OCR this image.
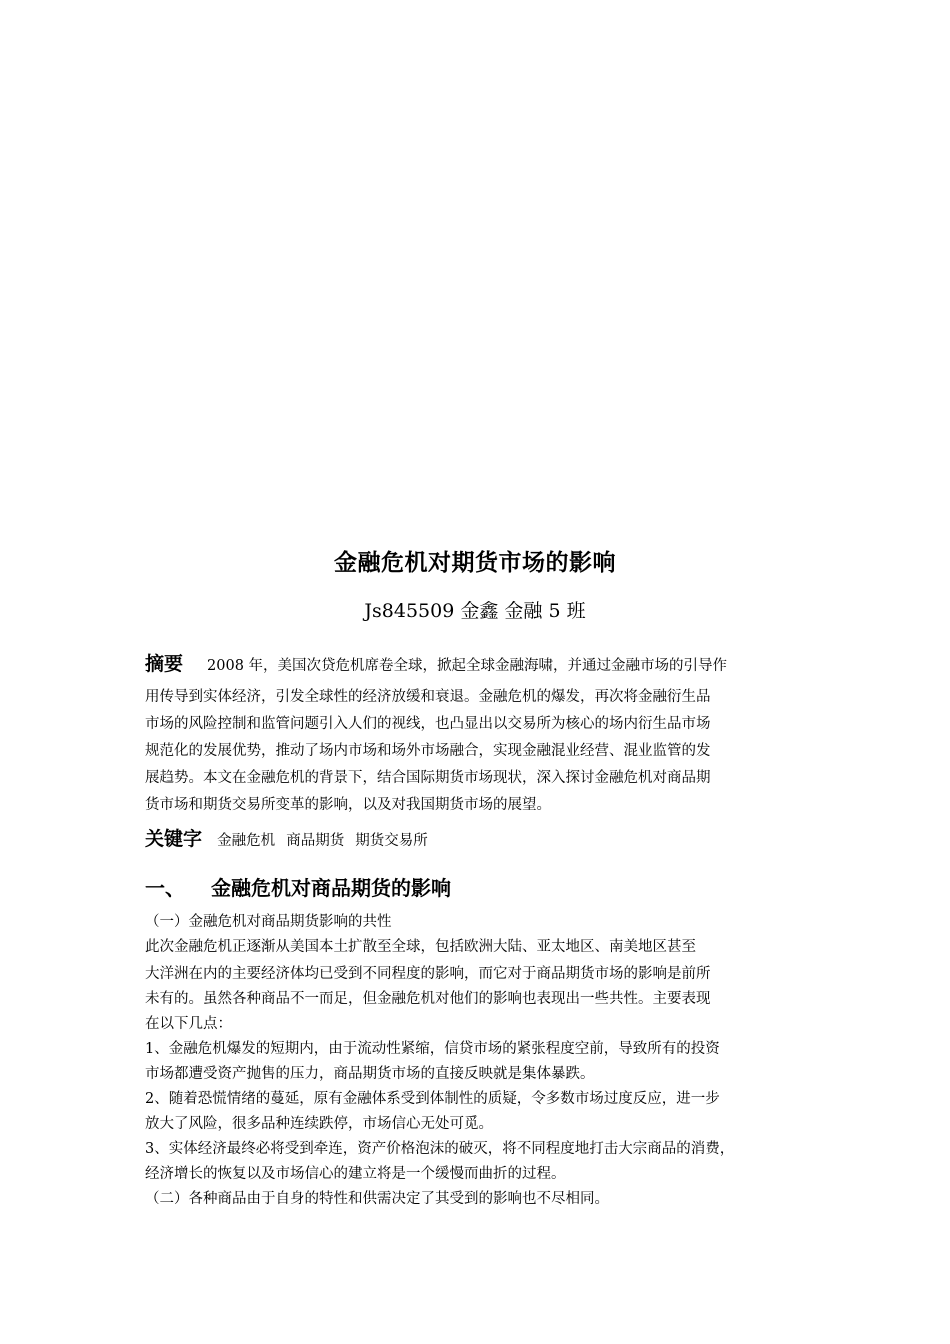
金融危机对期货市场的影响
Js845509 金鑫 金融 5 班
摘要 2008 年，美国次贷危机席卷全球，掀起全球金融海啸，并通过金融市场的引导作
用传导到实体经济，引发全球性的经济放缓和衰退。金融危机的爆发，再次将金融衍生品
市场的风险控制和监管问题引入人们的视线，也凸显出以交易所为核心的场内衍生品市场
规范化的发展优势，推动了场内市场和场外市场融合，实现金融混业经营、混业监管的发
展趋势。本文在金融危机的背景下，结合国际期货市场现状，深入探讨金融危机对商品期
货市场和期货交易所变革的影响，以及对我国期货市场的展望。
关键字 金融危机 商品期货 期货交易所
一、 金融危机对商品期货的影响
（一）金融危机对商品期货影响的共性
此次金融危机正逐渐从美国本土扩散至全球，包括欧洲大陆、亚太地区、南美地区甚至
大洋洲在内的主要经济体均已受到不同程度的影响，而它对于商品期货市场的影响是前所
未有的。虽然各种商品不一而足，但金融危机对他们的影响也表现出一些共性。主要表现
在以下几点：
1、金融危机爆发的短期内，由于流动性紧缩，信贷市场的紧张程度空前，导致所有的投资
市场都遭受资产抛售的压力，商品期货市场的直接反映就是集体暴跌。
2、随着恐慌情绪的蔓延，原有金融体系受到体制性的质疑，令多数市场过度反应，进一步
放大了风险，很多品种连续跌停，市场信心无处可觅。
3、实体经济最终必将受到牵连，资产价格泡沫的破灭，将不同程度地打击大宗商品的消费，
经济增长的恢复以及市场信心的建立将是一个缓慢而曲折的过程。
（二）各种商品由于自身的特性和供需决定了其受到的影响也不尽相同。
